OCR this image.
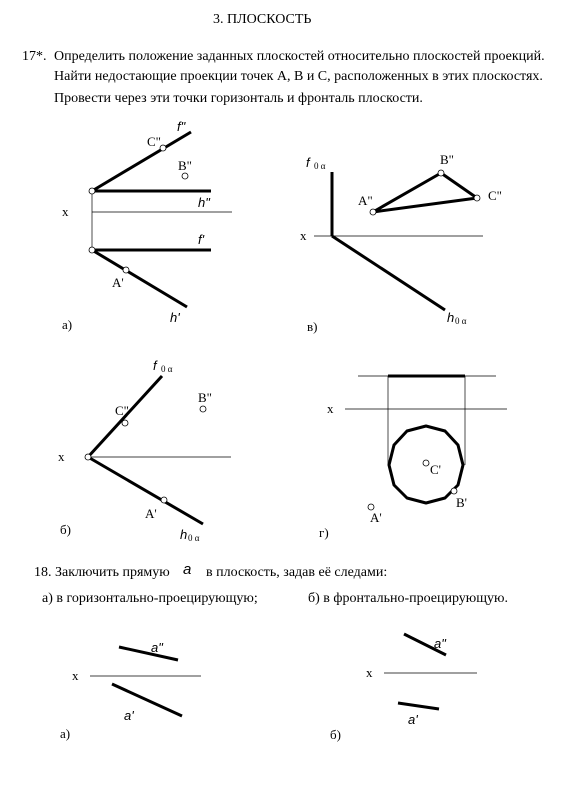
3. ПЛОСКОСТЬ
17*. Определить положение заданных плоскостей относительно плоскостей проекций.
Найти недостающие проекции точек А, В и С, расположенных в этих плоскостях.
Провести через эти точки горизонталь и фронталь плоскости.
18. Заключить прямую a в плоскость, задав её следами:
а) в горизонтально-проецирующую;	б) в фронтально-проецирующую.
x
C"
B"
A'
f"
h"
f'
h'
а)
f 0 α
x
A"
B"
C"
h 0 α
в)
f 0 α
C"
B"
x
A'
h 0 α
б)
x
C'
B'
A'
г)
a"
x
a'
а)
a"
x
a'
б)
